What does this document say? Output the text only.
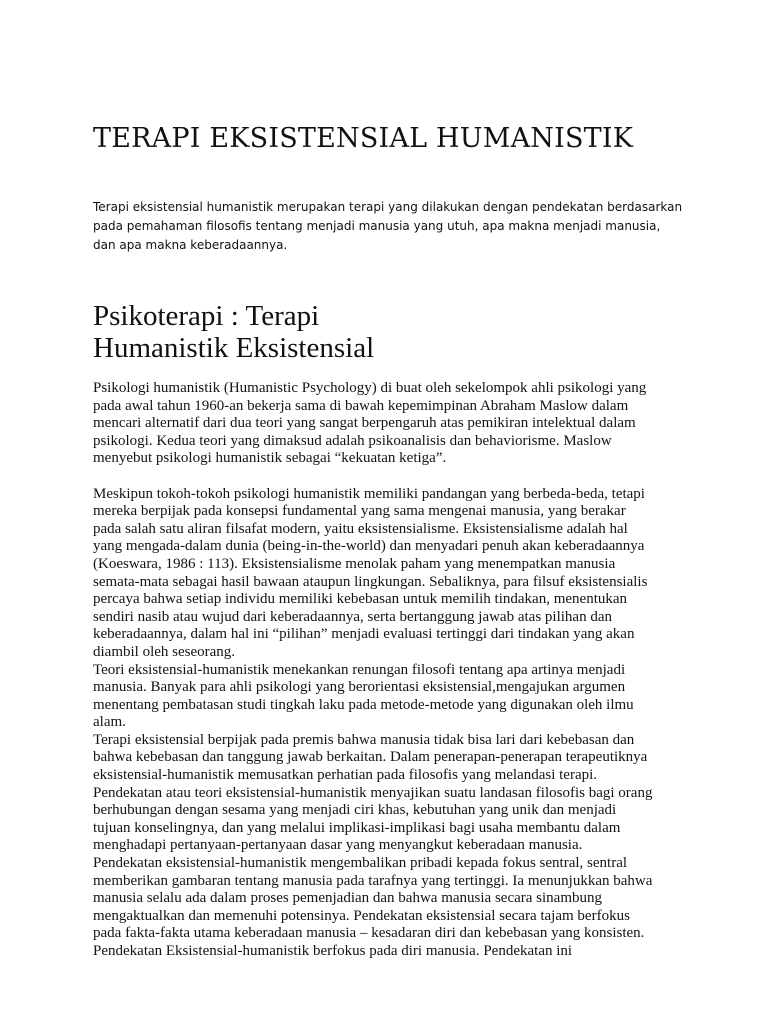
TERAPI EKSISTENSIAL HUMANISTIK

Terapi eksistensial humanistik merupakan terapi yang dilakukan dengan pendekatan berdasarkan pada pemahaman filosofis tentang menjadi manusia yang utuh, apa makna menjadi manusia, dan apa makna keberadaannya.

Psikoterapi : Terapi
Humanistik Eksistensial
Psikologi humanistik (Humanistic Psychology) di buat oleh sekelompok ahli psikologi yang
pada awal tahun 1960-an bekerja sama di bawah kepemimpinan Abraham Maslow dalam
mencari alternatif dari dua teori yang sangat berpengaruh atas pemikiran intelektual dalam
psikologi. Kedua teori yang dimaksud adalah psikoanalisis dan behaviorisme. Maslow
menyebut psikologi humanistik sebagai “kekuatan ketiga”.
Meskipun tokoh-tokoh psikologi humanistik memiliki pandangan yang berbeda-beda, tetapi
mereka berpijak pada konsepsi fundamental yang sama mengenai manusia, yang berakar
pada salah satu aliran filsafat modern, yaitu eksistensialisme. Eksistensialisme adalah hal
yang mengada-dalam dunia (being-in-the-world) dan menyadari penuh akan keberadaannya
(Koeswara, 1986 : 113). Eksistensialisme menolak paham yang menempatkan manusia
semata-mata sebagai hasil bawaan ataupun lingkungan. Sebaliknya, para filsuf eksistensialis
percaya bahwa setiap individu memiliki kebebasan untuk memilih tindakan, menentukan
sendiri nasib atau wujud dari keberadaannya, serta bertanggung jawab atas pilihan dan
keberadaannya, dalam hal ini “pilihan” menjadi evaluasi tertinggi dari tindakan yang akan
diambil oleh seseorang.
Teori eksistensial-humanistik menekankan renungan filosofi tentang apa artinya menjadi
manusia. Banyak para ahli psikologi yang berorientasi eksistensial,mengajukan argumen
menentang pembatasan studi tingkah laku pada metode-metode yang digunakan oleh ilmu
alam.
Terapi eksistensial berpijak pada premis bahwa manusia tidak bisa lari dari kebebasan dan
bahwa kebebasan dan tanggung jawab berkaitan. Dalam penerapan-penerapan terapeutiknya
eksistensial-humanistik memusatkan perhatian pada filosofis yang melandasi terapi.
Pendekatan atau teori eksistensial-humanistik menyajikan suatu landasan filosofis bagi orang
berhubungan dengan sesama yang menjadi ciri khas, kebutuhan yang unik dan menjadi
tujuan konselingnya, dan yang melalui implikasi-implikasi bagi usaha membantu dalam
menghadapi pertanyaan-pertanyaan dasar yang menyangkut keberadaan manusia.
Pendekatan eksistensial-humanistik mengembalikan pribadi kepada fokus sentral, sentral
memberikan gambaran tentang manusia pada tarafnya yang tertinggi. Ia menunjukkan bahwa
manusia selalu ada dalam proses pemenjadian dan bahwa manusia secara sinambung
mengaktualkan dan memenuhi potensinya. Pendekatan eksistensial secara tajam berfokus
pada fakta-fakta utama keberadaan manusia – kesadaran diri dan kebebasan yang konsisten.
Pendekatan Eksistensial-humanistik berfokus pada diri manusia. Pendekatan ini
